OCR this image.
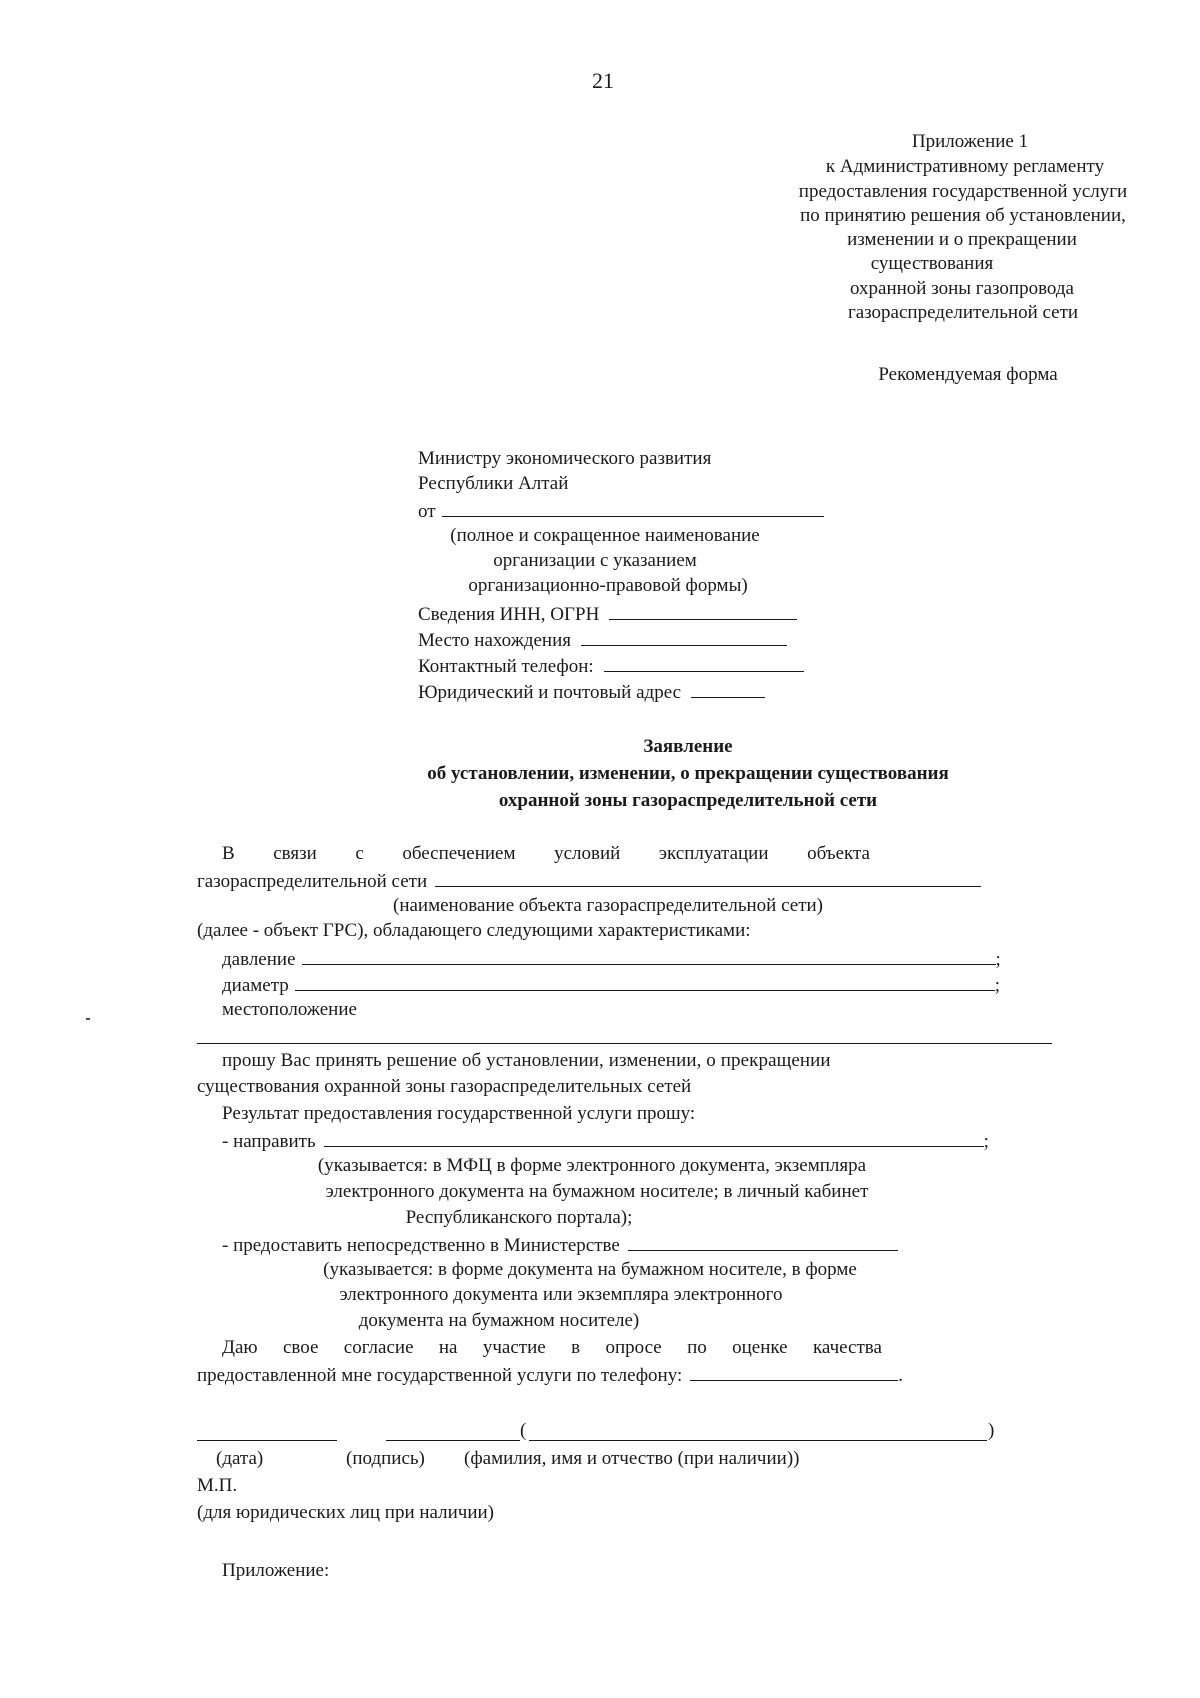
21
Приложение 1
к Административному регламенту
предоставления государственной услуги
по принятию решения об установлении,
изменении и о прекращении
существования
охранной зоны газопровода
газораспределительной сети
Рекомендуемая форма
Министру экономического развития
Республики Алтай
от
(полное и сокращенное наименование
организации с указанием
организационно-правовой формы)
Сведения ИНН, ОГРН
Место нахождения
Контактный телефон:
Юридический и почтовый адрес
Заявление
об установлении, изменении, о прекращении существования
охранной зоны газораспределительной сети
В связи с обеспечением условий эксплуатации объекта
газораспределительной сети
(наименование объекта газораспределительной сети)
(далее - объект ГРС), обладающего следующими характеристиками:
давление	;
диаметр	;
местоположение
прошу Вас принять решение об установлении, изменении, о прекращении
существования охранной зоны газораспределительных сетей
Результат предоставления государственной услуги прошу:
- направить	;
(указывается: в МФЦ в форме электронного документа, экземпляра
электронного документа на бумажном носителе; в личный кабинет
Республиканского портала);
- предоставить непосредственно в Министерстве
(указывается: в форме документа на бумажном носителе, в форме
электронного документа или экземпляра электронного
документа на бумажном носителе)
Даю свое согласие на участие в опросе по оценке качества
предоставленной мне государственной услуги по телефону:	.
(	)
(дата)	(подпись) (фамилия, имя и отчество (при наличии))
М.П.
(для юридических лиц при наличии)
Приложение:
